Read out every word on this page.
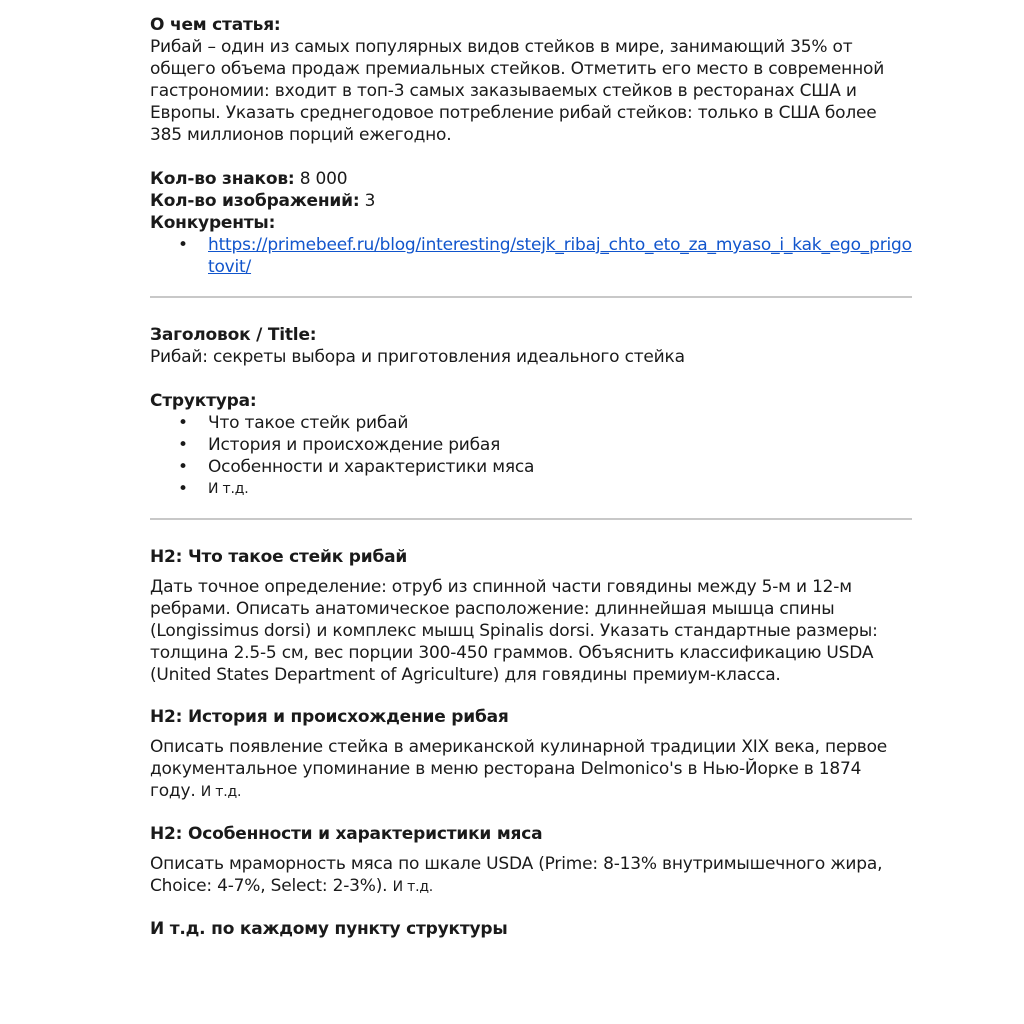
О чем статья:

Рибай – один из самых популярных видов стейков в мире, занимающий 35% от общего объема продаж премиальных стейков. Отметить его место в современной гастрономии: входит в топ-3 самых заказываемых стейков в ресторанах США и Европы. Указать среднегодовое потребление рибай стейков: только в США более 385 миллионов порций ежегодно.

Кол-во знаков: 8 000

Кол-во изображений: 3

Конкуренты:

• https://primebeef.ru/blog/interesting/stejk_ribaj_chto_eto_za_myaso_i_kak_ego_prigotovit/

Заголовок / Title:

Рибай: секреты выбора и приготовления идеального стейка

Структура:

• Что такое стейк рибай
• История и происхождение рибая
• Особенности и характеристики мяса
• И т.д.

H2: Что такое стейк рибай

Дать точное определение: отруб из спинной части говядины между 5-м и 12-м ребрами. Описать анатомическое расположение: длиннейшая мышца спины (Longissimus dorsi) и комплекс мышц Spinalis dorsi. Указать стандартные размеры: толщина 2.5-5 см, вес порции 300-450 граммов. Объяснить классификацию USDA (United States Department of Agriculture) для говядины премиум-класса.

H2: История и происхождение рибая

Описать появление стейка в американской кулинарной традиции XIX века, первое документальное упоминание в меню ресторана Delmonico's в Нью-Йорке в 1874 году. И т.д.

H2: Особенности и характеристики мяса

Описать мраморность мяса по шкале USDA (Prime: 8-13% внутримышечного жира, Choice: 4-7%, Select: 2-3%). И т.д.

И т.д. по каждому пункту структуры
